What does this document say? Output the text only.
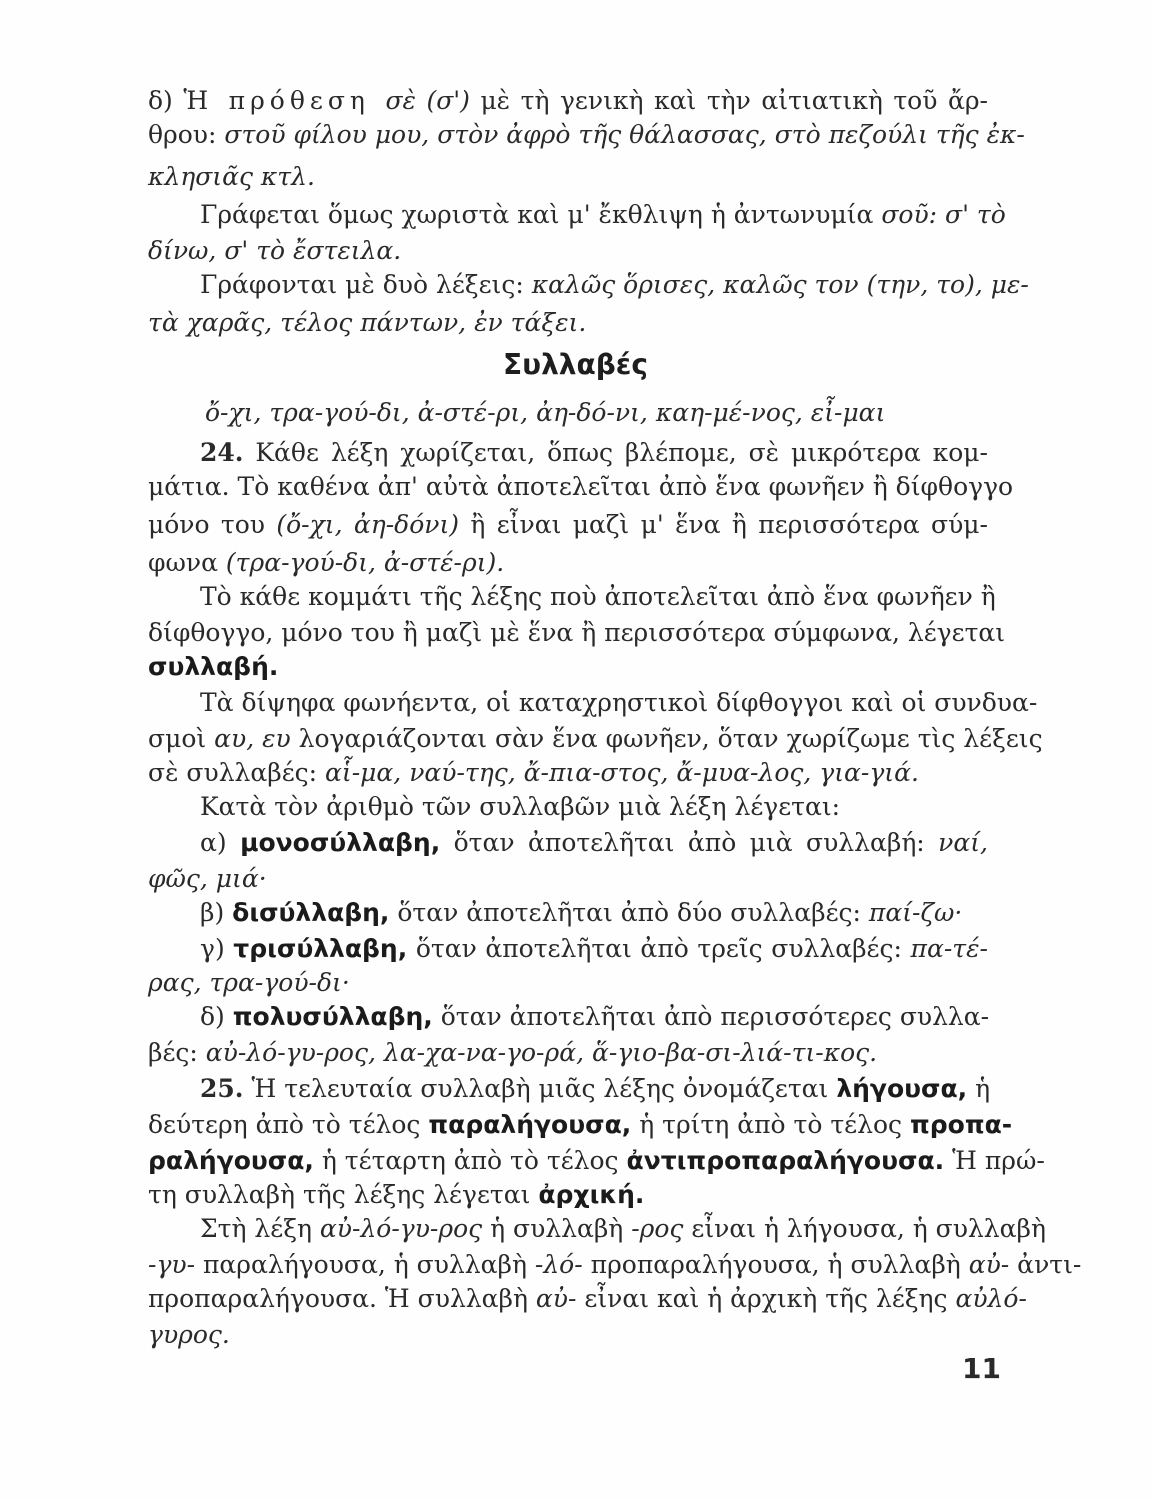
δ) Ἡ πρόθεση σὲ (σ') μὲ τὴ γενικὴ καὶ τὴν αἰτιατικὴ τοῦ ἄρ-
θρου: στοῦ φίλου μου, στὸν ἀφρὸ τῆς θάλασσας, στὸ πεζούλι τῆς ἐκ-
κλησιᾶς κτλ.
Γράφεται ὅμως χωριστὰ καὶ μ' ἔκθλιψη ἡ ἀντωνυμία σοῦ: σ' τὸ
δίνω, σ' τὸ ἔστειλα.
Γράφονται μὲ δυὸ λέξεις: καλῶς ὅρισες, καλῶς τον (την, το), με-
τὰ χαρᾶς, τέλος πάντων, ἐν τάξει.
Συλλαβές
ὄ-χι, τρα-γού-δι, ἀ-στέ-ρι, ἀη-δό-νι, καη-μέ-νος, εἶ-μαι
24. Κάθε λέξη χωρίζεται, ὅπως βλέπομε, σὲ μικρότερα κομ-
μάτια. Τὸ καθένα ἀπ' αὐτὰ ἀποτελεῖται ἀπὸ ἕνα φωνῆεν ἢ δίφθογγο
μόνο του (ὄ-χι, ἀη-δόνι) ἢ εἶναι μαζὶ μ' ἕνα ἢ περισσότερα σύμ-
φωνα (τρα-γού-δι, ἀ-στέ-ρι).
Τὸ κάθε κομμάτι τῆς λέξης ποὺ ἀποτελεῖται ἀπὸ ἕνα φωνῆεν ἢ
δίφθογγο, μόνο του ἢ μαζὶ μὲ ἕνα ἢ περισσότερα σύμφωνα, λέγεται
συλλαβή.
Τὰ δίψηφα φωνήεντα, οἱ καταχρηστικοὶ δίφθογγοι καὶ οἱ συνδυα-
σμοὶ αυ, ευ λογαριάζονται σὰν ἕνα φωνῆεν, ὅταν χωρίζωμε τὶς λέξεις
σὲ συλλαβές: αἷ-μα, ναύ-της, ἄ-πια-στος, ἄ-μυα-λος, για-γιά.
Κατὰ τὸν ἀριθμὸ τῶν συλλαβῶν μιὰ λέξη λέγεται:
α) μονοσύλλαβη, ὅταν ἀποτελῆται ἀπὸ μιὰ συλλαβή: ναί,
φῶς, μιά·
β) δισύλλαβη, ὅταν ἀποτελῆται ἀπὸ δύο συλλαβές: παί-ζω·
γ) τρισύλλαβη, ὅταν ἀποτελῆται ἀπὸ τρεῖς συλλαβές: πα-τέ-
ρας, τρα-γού-δι·
δ) πολυσύλλαβη, ὅταν ἀποτελῆται ἀπὸ περισσότερες συλλα-
βές: αὐ-λό-γυ-ρος, λα-χα-να-γο-ρά, ἅ-γιο-βα-σι-λιά-τι-κος.
25. Ἡ τελευταία συλλαβὴ μιᾶς λέξης ὀνομάζεται λήγουσα, ἡ
δεύτερη ἀπὸ τὸ τέλος παραλήγουσα, ἡ τρίτη ἀπὸ τὸ τέλος προπα-
ραλήγουσα, ἡ τέταρτη ἀπὸ τὸ τέλος ἀντιπροπαραλήγουσα. Ἡ πρώ-
τη συλλαβὴ τῆς λέξης λέγεται ἀρχική.
Στὴ λέξη αὐ-λό-γυ-ρος ἡ συλλαβὴ -ρος εἶναι ἡ λήγουσα, ἡ συλλαβὴ
-γυ- παραλήγουσα, ἡ συλλαβὴ -λό- προπαραλήγουσα, ἡ συλλαβὴ αὐ- ἀντι-
προπαραλήγουσα. Ἡ συλλαβὴ αὐ- εἶναι καὶ ἡ ἀρχικὴ τῆς λέξης αὐλό-
γυρος.
11
